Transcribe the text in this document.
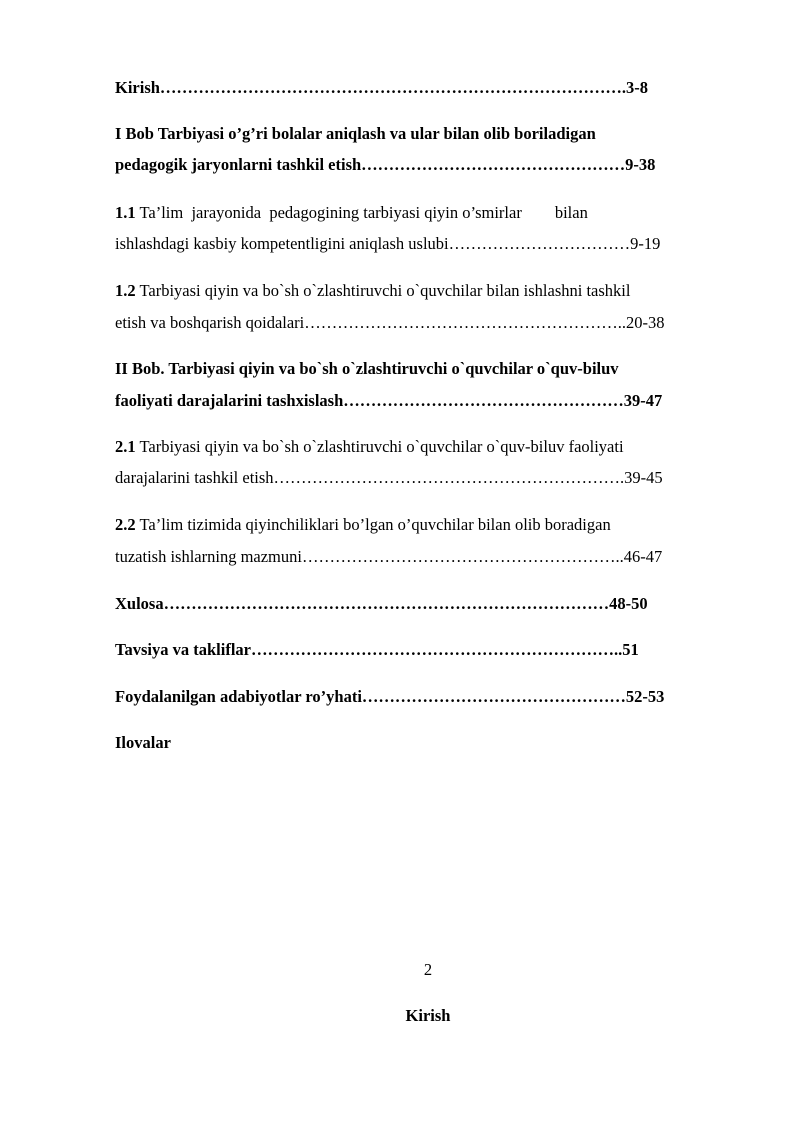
Kirish………………………………………………………………………….3-8
I Bob Tarbiyasi o’g’ri bolalar aniqlash va ular bilan olib boriladigan
pedagogik jaryonlarni tashkil etish…………………………………………9-38
1.1 Ta’lim  jarayonida  pedagogining tarbiyasi qiyin o’smirlar        bilan
ishlashdagi kasbiy kompetentligini aniqlash uslubi……………………………9-19
1.2 Tarbiyasi qiyin va bo`sh o`zlashtiruvchi o`quvchilar bilan ishlashni tashkil
etish va boshqarish qoidalari…………………………………………………..20-38
II Bob. Tarbiyasi qiyin va bo`sh o`zlashtiruvchi o`quvchilar o`quv-biluv
faoliyati darajalarini tashxislash……………………………………………39-47
2.1 Tarbiyasi qiyin va bo`sh o`zlashtiruvchi o`quvchilar o`quv-biluv faoliyati
darajalarini tashkil etish……………………………………………………….39-45
2.2 Ta’lim tizimida qiyinchiliklari bo’lgan o’quvchilar bilan olib boradigan
tuzatish ishlarning mazmuni…………………………………………………..46-47
Xulosa………………………………………………………………………48-50
Tavsiya va takliflar…………………………………………………………..51
Foydalanilgan adabiyotlar ro’yhati…………………………………………52-53
Ilovalar
2
Kirish
